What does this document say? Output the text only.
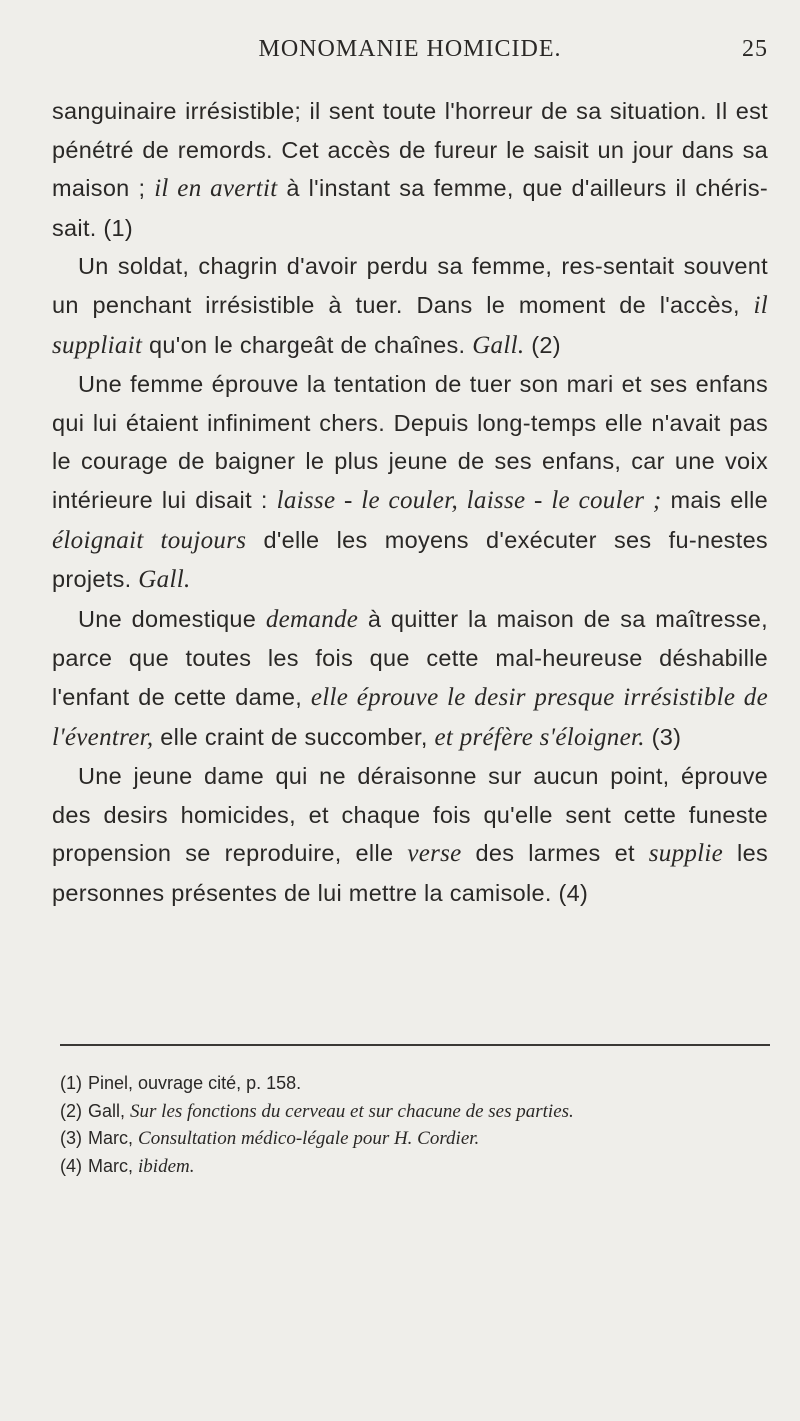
MONOMANIE HOMICIDE.	25

sanguinaire irrésistible; il sent toute l'horreur de sa situation. Il est pénétré de remords. Cet accès de fureur le saisit un jour dans sa maison ; il en avertit à l'instant sa femme, que d'ailleurs il chéris-sait. (1)

Un soldat, chagrin d'avoir perdu sa femme, res-sentait souvent un penchant irrésistible à tuer. Dans le moment de l'accès, il suppliait qu'on le chargeât de chaînes. Gall. (2)

Une femme éprouve la tentation de tuer son mari et ses enfans qui lui étaient infiniment chers. Depuis long-temps elle n'avait pas le courage de baigner le plus jeune de ses enfans, car une voix intérieure lui disait : laisse - le couler, laisse - le couler ; mais elle éloignait toujours d'elle les moyens d'exécuter ses fu-nestes projets. Gall.

Une domestique demande à quitter la maison de sa maîtresse, parce que toutes les fois que cette mal-heureuse déshabille l'enfant de cette dame, elle éprouve le desir presque irrésistible de l'éventrer, elle craint de succomber, et préfère s'éloigner. (3)

Une jeune dame qui ne déraisonne sur aucun point, éprouve des desirs homicides, et chaque fois qu'elle sent cette funeste propension se reproduire, elle verse des larmes et supplie les personnes présentes de lui mettre la camisole. (4)

(1) Pinel, ouvrage cité, p. 158.

(2) Gall, Sur les fonctions du cerveau et sur chacune de ses parties.

(3) Marc, Consultation médico-légale pour H. Cordier.

(4) Marc, ibidem.
